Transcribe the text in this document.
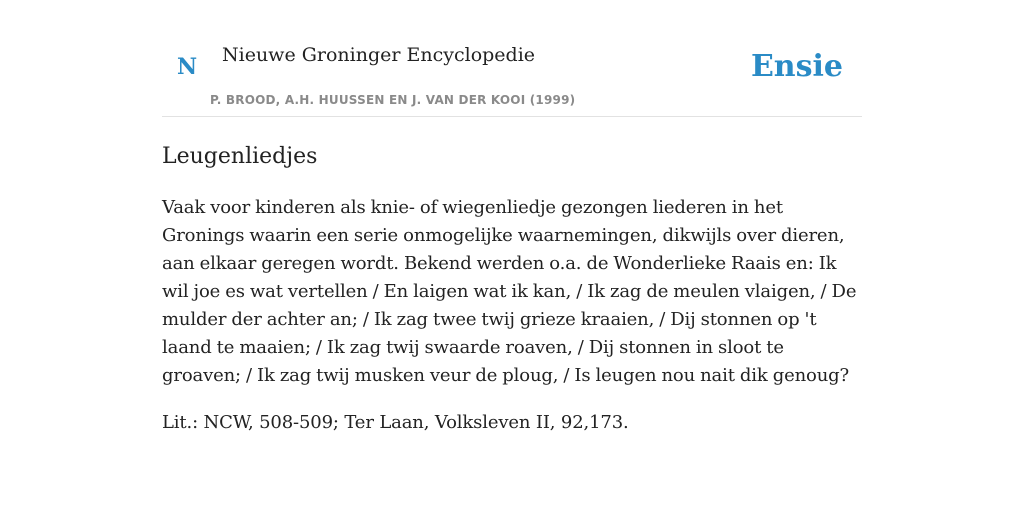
N Nieuwe Groninger Encyclopedie
P. BROOD, A.H. HUUSSEN EN J. VAN DER KOOI (1999)
Ensie
Leugenliedjes

Vaak voor kinderen als knie- of wiegenliedje gezongen liederen in het Gronings waarin een serie onmogelijke waarnemingen, dikwijls over dieren, aan elkaar geregen wordt. Bekend werden o.a. de Wonderlieke Raais en: Ik wil joe es wat vertellen / En laigen wat ik kan, / Ik zag de meulen vlaigen, / De mulder der achter an; / Ik zag twee twij grieze kraaien, / Dij stonnen op 't laand te maaien; / Ik zag twij swaarde roaven, / Dij stonnen in sloot te groaven; / Ik zag twij musken veur de ploug, / Is leugen nou nait dik genoug?

Lit.: NCW, 508-509; Ter Laan, Volksleven II, 92,173.
